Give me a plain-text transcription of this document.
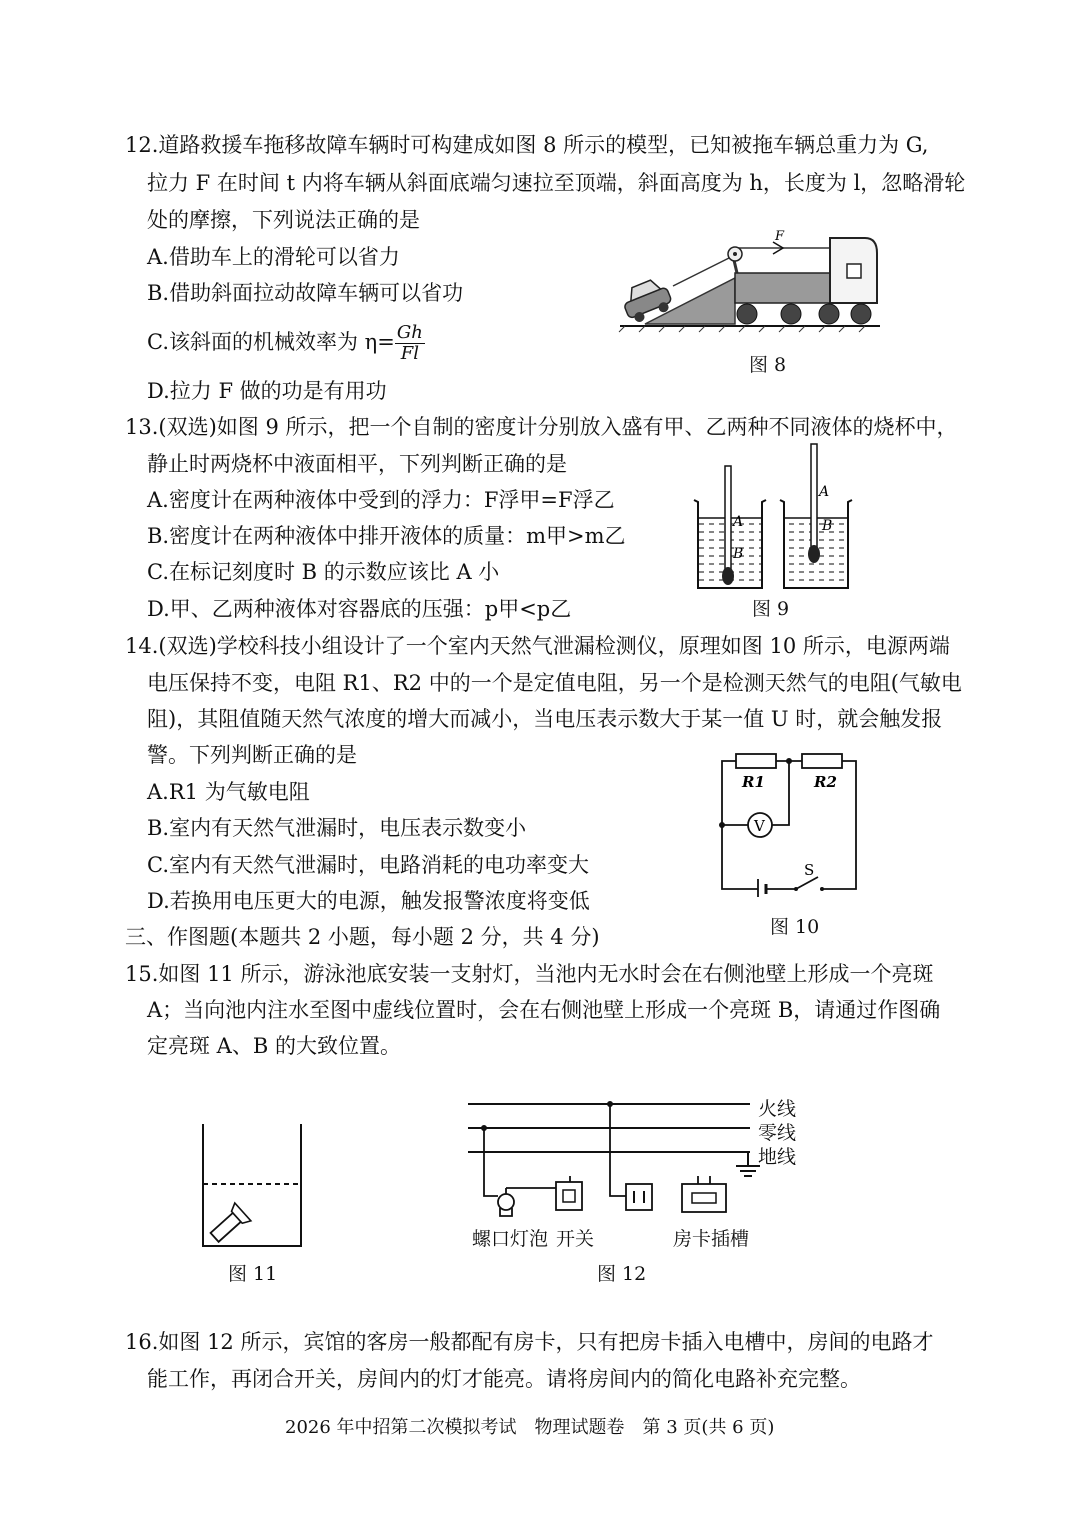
12.道路救援车拖移故障车辆时可构建成如图 8 所示的模型，已知被拖车辆总重力为 G,
拉力 F 在时间 t 内将车辆从斜面底端匀速拉至顶端，斜面高度为 h，长度为 l，忽略滑轮
处的摩擦，下列说法正确的是
A.借助车上的滑轮可以省力
B.借助斜面拉动故障车辆可以省功
C.该斜面的机械效率为 $\eta= \frac{Gh}{Fl}$
D.拉力 F 做的功是有用功
F
图 8
13.(双选)如图 9 所示，把一个自制的密度计分别放入盛有甲、乙两种不同液体的烧杯中，
静止时两烧杯中液面相平，下列判断正确的是
A.密度计在两种液体中受到的浮力：F浮甲=F浮乙
B.密度计在两种液体中排开液体的质量：m甲>m乙
C.在标记刻度时 B 的示数应该比 A 小
D.甲、乙两种液体对容器底的压强：p甲<p乙
A
B
A
B
图 9
14.(双选)学校科技小组设计了一个室内天然气泄漏检测仪，原理如图 10 所示，电源两端
电压保持不变，电阻 R1、R2 中的一个是定值电阻，另一个是检测天然气的电阻(气敏电
阻)，其阻值随天然气浓度的增大而减小，当电压表示数大于某一值 U 时，就会触发报
警。下列判断正确的是
A.R1 为气敏电阻
B.室内有天然气泄漏时，电压表示数变小
C.室内有天然气泄漏时，电路消耗的电功率变大
D.若换用电压更大的电源，触发报警浓度将变低
V
R1	R2
S
图 10
三、作图题(本题共 2 小题，每小题 2 分，共 4 分)
15.如图 11 所示，游泳池底安装一支射灯，当池内无水时会在右侧池壁上形成一个亮斑
A；当向池内注水至图中虚线位置时，会在右侧池壁上形成一个亮斑 B，请通过作图确
定亮斑 A、B 的大致位置。
图 11
火线
零线
地线
螺口灯泡 开关	房卡插槽
图 12
16.如图 12 所示，宾馆的客房一般都配有房卡，只有把房卡插入电槽中，房间的电路才
能工作，再闭合开关，房间内的灯才能亮。请将房间内的简化电路补充完整。
2026 年中招第二次模拟考试　物理试题卷　第 3 页(共 6 页)
